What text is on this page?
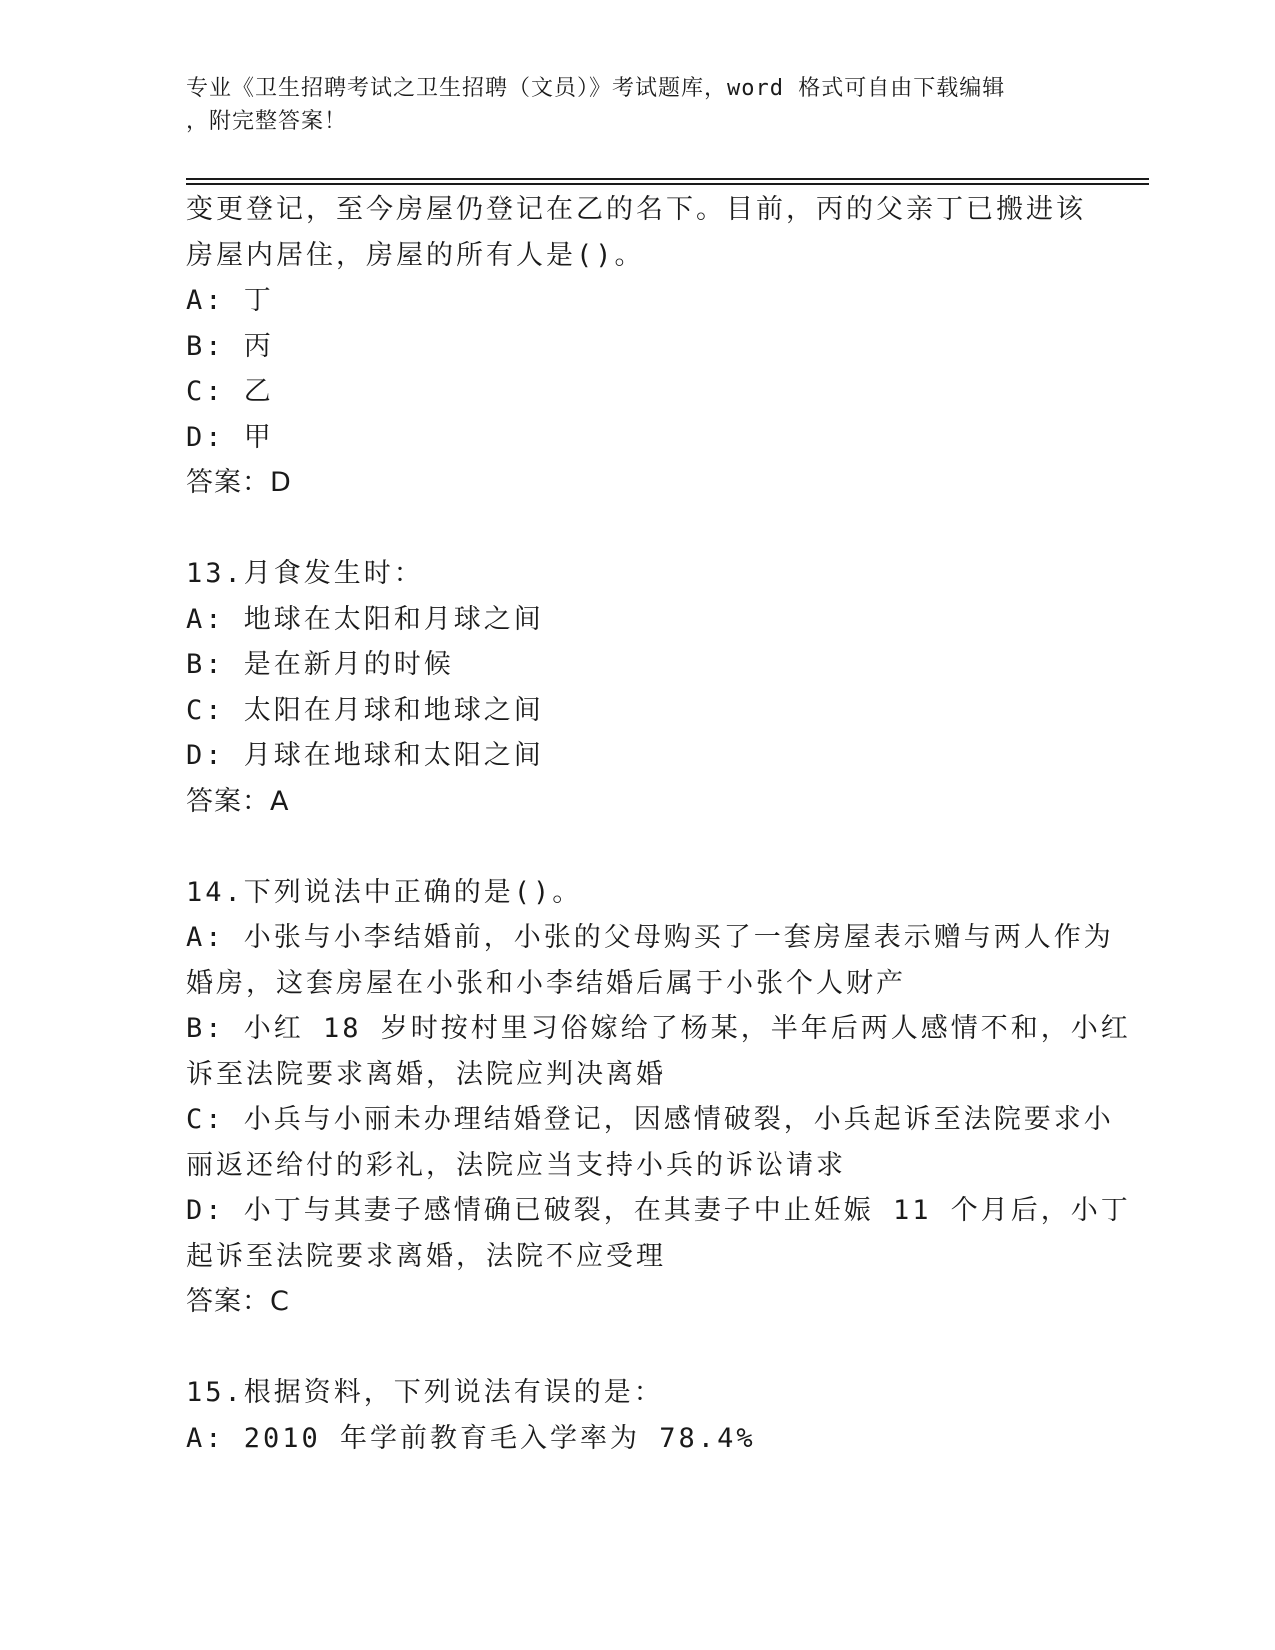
专业《卫生招聘考试之卫生招聘（文员）》考试题库，word 格式可自由下载编辑
，附完整答案！
变更登记，至今房屋仍登记在乙的名下。目前，丙的父亲丁已搬进该
房屋内居住，房屋的所有人是()。
A: 丁
B: 丙
C: 乙
D: 甲
答案：D
13.月食发生时：
A: 地球在太阳和月球之间
B: 是在新月的时候
C: 太阳在月球和地球之间
D: 月球在地球和太阳之间
答案：A
14.下列说法中正确的是()。
A: 小张与小李结婚前，小张的父母购买了一套房屋表示赠与两人作为
婚房，这套房屋在小张和小李结婚后属于小张个人财产
B: 小红 18 岁时按村里习俗嫁给了杨某，半年后两人感情不和，小红
诉至法院要求离婚，法院应判决离婚
C: 小兵与小丽未办理结婚登记，因感情破裂，小兵起诉至法院要求小
丽返还给付的彩礼，法院应当支持小兵的诉讼请求
D: 小丁与其妻子感情确已破裂，在其妻子中止妊娠 11 个月后，小丁
起诉至法院要求离婚，法院不应受理
答案：C
15.根据资料，下列说法有误的是：
A: 2010 年学前教育毛入学率为 78.4%
